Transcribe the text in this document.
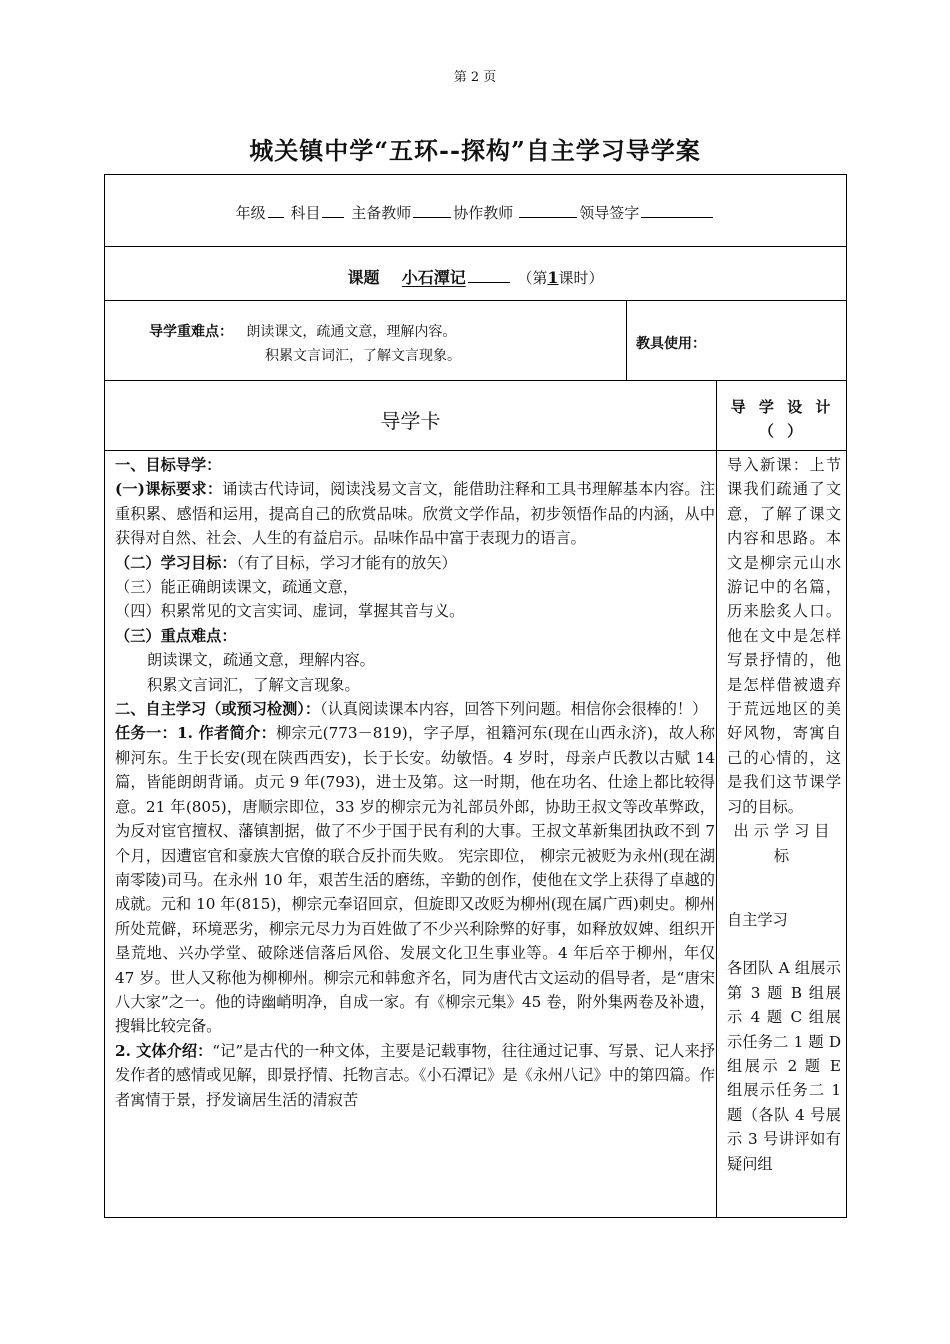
第 2 页
城关镇中学“五环--探构”自主学习导学案
年级 科目 主备教师	协作教师	领导签字
课题 小石潭记	（第1课时）
导学重难点： 朗读课文，疏通文意，理解内容。
积累文言词汇，了解文言现象。
教具使用：
导学卡
导 学 设 计（ ）

一、目标导学：

(一)课标要求：诵读古代诗词，阅读浅易文言文，能借助注释和工具书理解基本内容。注重积累、感悟和运用，提高自己的欣赏品味。欣赏文学作品，初步领悟作品的内涵，从中获得对自然、社会、人生的有益启示。品味作品中富于表现力的语言。

（二）学习目标：（有了目标，学习才能有的放矢）

（三）能正确朗读课文，疏通文意，

（四）积累常见的文言实词、虚词，掌握其音与义。

（三）重点难点：

朗读课文，疏通文意，理解内容。

积累文言词汇，了解文言现象。

二、自主学习（或预习检测）：（认真阅读课本内容，回答下列问题。相信你会很棒的！）

任务一：1. 作者简介：柳宗元(773－819)，字子厚，祖籍河东(现在山西永济)，故人称柳河东。生于长安(现在陕西西安)，长于长安。幼敏悟。4 岁时，母亲卢氏教以古赋 14 篇，皆能朗朗背诵。贞元 9 年(793)，进士及第。这一时期，他在功名、仕途上都比较得意。21 年(805)，唐顺宗即位，33 岁的柳宗元为礼部员外郎，协助王叔文等改革弊政，为反对宦官擅权、藩镇割据，做了不少于国于民有利的大事。王叔文革新集团执政不到 7 个月，因遭宦官和豪族大官僚的联合反扑而失败。 宪宗即位， 柳宗元被贬为永州(现在湖南零陵)司马。在永州 10 年，艰苦生活的磨练，辛勤的创作，使他在文学上获得了卓越的成就。元和 10 年(815)，柳宗元奉诏回京，但旋即又改贬为柳州(现在属广西)刺史。柳州所处荒僻，环境恶劣，柳宗元尽力为百姓做了不少兴利除弊的好事，如释放奴婢、组织开垦荒地、兴办学堂、破除迷信落后风俗、发展文化卫生事业等。4 年后卒于柳州，年仅 47 岁。世人又称他为柳柳州。柳宗元和韩愈齐名，同为唐代古文运动的倡导者，是“唐宋八大家”之一。他的诗幽峭明净，自成一家。有《柳宗元集》45 卷，附外集两卷及补遗，搜辑比较完备。

2. 文体介绍：“记”是古代的一种文体，主要是记载事物，往往通过记事、写景、记人来抒发作者的感情或见解，即景抒情、托物言志。《小石潭记》是《永州八记》中的第四篇。作者寓情于景，抒发谪居生活的清寂苦

导入新课：上节课我们疏通了文意，了解了课文内容和思路。本文是柳宗元山水游记中的名篇，历来脍炙人口。他在文中是怎样写景抒情的，他是怎样借被遗弃于荒远地区的美好风物，寄寓自己的心情的，这是我们这节课学习的目标。

出示学习目标

自主学习

各团队 A 组展示第 3 题 B 组展示 4 题 C 组展示任务二 1 题 D 组展示 2 题 E 组展示任务二 1 题（各队 4 号展示 3 号讲评如有疑问组
